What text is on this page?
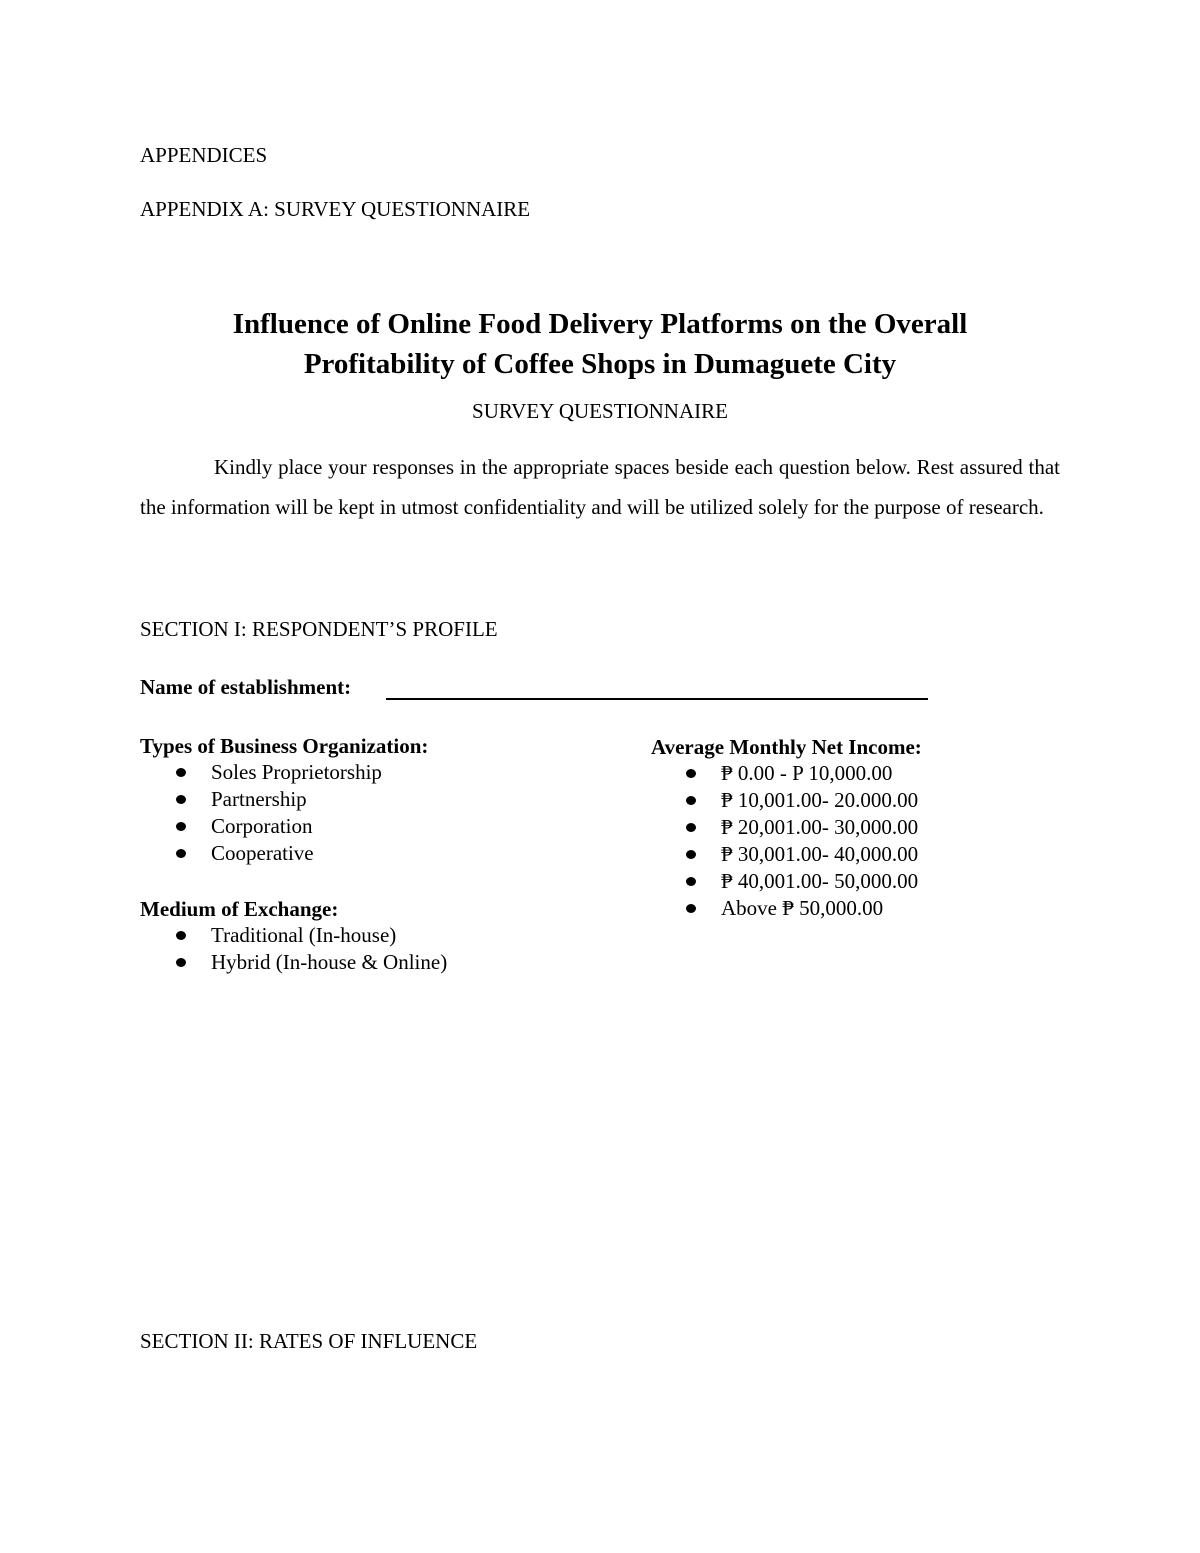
APPENDICES
APPENDIX A: SURVEY QUESTIONNAIRE
Influence of Online Food Delivery Platforms on the Overall
Profitability of Coffee Shops in Dumaguete City
SURVEY QUESTIONNAIRE
Kindly place your responses in the appropriate spaces beside each question below. Rest assured that the information will be kept in utmost confidentiality and will be utilized solely for the purpose of research.
SECTION I: RESPONDENT’S PROFILE
Name of establishment:
Types of Business Organization:
Soles Proprietorship
Partnership
Corporation
Cooperative
Medium of Exchange:
Traditional (In-house)
Hybrid (In-house & Online)
Average Monthly Net Income:
₱ 0.00 - P 10,000.00
₱ 10,001.00- 20.000.00
₱ 20,001.00- 30,000.00
₱ 30,001.00- 40,000.00
₱ 40,001.00- 50,000.00
Above ₱ 50,000.00
SECTION II: RATES OF INFLUENCE
